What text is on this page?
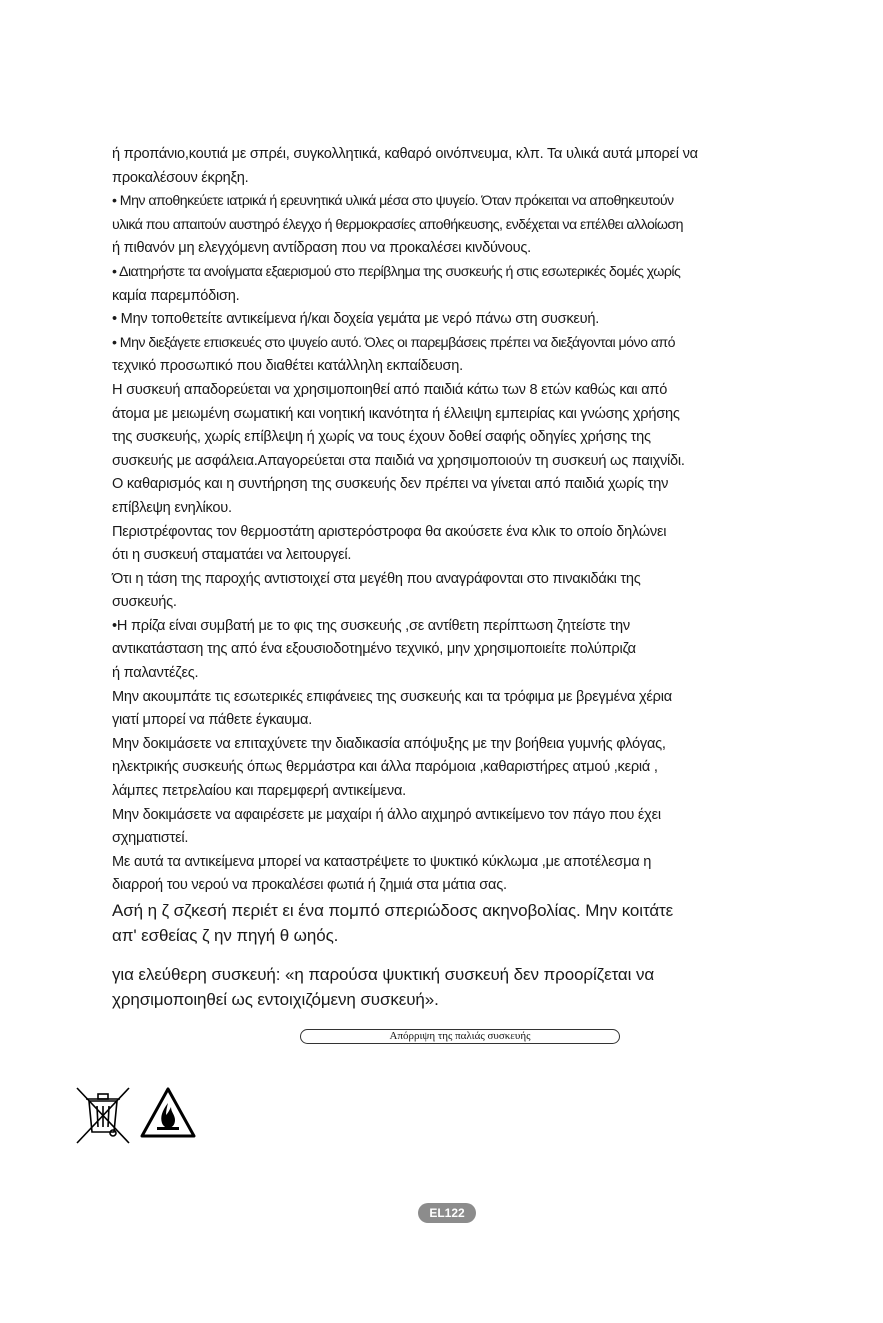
ή προπάνιο,κουτιά με σπρέι, συγκολλητικά, καθαρό οινόπνευμα, κλπ. Τα υλικά αυτά μπορεί να
προκαλέσουν έκρηξη.
• Μην αποθηκεύετε ιατρικά ή ερευνητικά υλικά μέσα στο ψυγείο. Όταν πρόκειται να αποθηκευτούν
υλικά που απαιτούν αυστηρό έλεγχο ή θερμοκρασίες αποθήκευσης, ενδέχεται να επέλθει αλλοίωση
ή πιθανόν μη ελεγχόμενη αντίδραση που να προκαλέσει κινδύνους.
• Διατηρήστε τα ανοίγματα εξαερισμού στο περίβλημα της συσκευής ή στις εσωτερικές δομές χωρίς
καμία παρεμπόδιση.
• Μην τοποθετείτε αντικείμενα ή/και δοχεία γεμάτα με νερό πάνω στη συσκευή.
• Μην διεξάγετε επισκευές στο ψυγείο αυτό. Όλες οι παρεμβάσεις πρέπει να διεξάγονται μόνο από
τεχνικό προσωπικό που διαθέτει κατάλληλη εκπαίδευση.
Η συσκευή απαδορεύεται να χρησιμοποιηθεί από παιδιά κάτω των 8 ετών καθώς και από
άτομα με μειωμένη σωματική και νοητική ικανότητα ή έλλειψη εμπειρίας και γνώσης χρήσης
της συσκευής, χωρίς επίβλεψη ή χωρίς να τους έχουν δοθεί σαφής οδηγίες χρήσης της
συσκευής με ασφάλεια.Απαγορεύεται στα παιδιά να χρησιμοποιούν τη συσκευή ως παιχνίδι.
Ο καθαρισμός και η συντήρηση της συσκευής δεν πρέπει να γίνεται από παιδιά χωρίς την
επίβλεψη ενηλίκου.
Περιστρέφοντας τον θερμοστάτη αριστερόστροφα θα ακούσετε ένα κλικ το οποίο δηλώνει
ότι η συσκευή σταματάει να λειτουργεί.
Ότι η τάση της παροχής αντιστοιχεί στα μεγέθη που αναγράφονται στο πινακιδάκι της
συσκευής.
•Η πρίζα είναι συμβατή με το φις της συσκευής ,σε αντίθετη περίπτωση ζητείστε την
αντικατάσταση της από ένα εξουσιοδοτημένο τεχνικό, μην χρησιμοποιείτε πολύπριζα
ή παλαντέζες.
Μην ακουμπάτε τις εσωτερικές επιφάνειες της συσκευής και τα τρόφιμα με βρεγμένα χέρια
γιατί μπορεί να πάθετε έγκαυμα.
Μην δοκιμάσετε να επιταχύνετε την διαδικασία απόψυξης με την βοήθεια γυμνής φλόγας,
ηλεκτρικής συσκευής όπως θερμάστρα και άλλα παρόμοια ,καθαριστήρες ατμού ,κεριά ,
λάμπες πετρελαίου και παρεμφερή αντικείμενα.
Μην δοκιμάσετε να αφαιρέσετε με μαχαίρι ή άλλο αιχμηρό αντικείμενο τον πάγο που έχει
σχηματιστεί.
Με αυτά τα αντικείμενα μπορεί να καταστρέψετε το ψυκτικό κύκλωμα ,με αποτέλεσμα η
διαρροή του νερού να προκαλέσει φωτιά ή ζημιά στα μάτια σας.
Ασή η ζ σζκεσή περιέτ ει ένα πομπό σπεριώδοσς ακηνοβολίας. Μην κοιτάτε
απ' εσθείας ζ ην πηγή θ ωηός.
για ελεύθερη συσκευή: «η παρούσα ψυκτική συσκευή δεν προορίζεται να
χρησιμοποιηθεί ως εντοιχιζόμενη συσκευή».
Απόρριψη της παλιάς συσκευής
EL122
